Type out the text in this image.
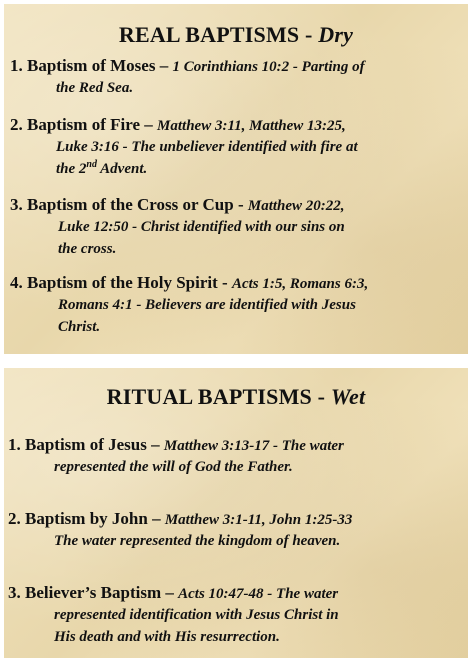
REAL BAPTISMS - Dry
1. Baptism of Moses – 1 Corinthians 10:2 - Parting of
the Red Sea.
2. Baptism of Fire – Matthew 3:11, Matthew 13:25,
Luke 3:16 - The unbeliever identified with fire at
the 2nd Advent.
3. Baptism of the Cross or Cup - Matthew 20:22,
Luke 12:50 - Christ identified with our sins on
the cross.
4. Baptism of the Holy Spirit - Acts 1:5, Romans 6:3,
Romans 4:1 - Believers are identified with Jesus
Christ.
RITUAL BAPTISMS - Wet
1. Baptism of Jesus – Matthew 3:13-17 - The water
represented the will of God the Father.
2. Baptism by John – Matthew 3:1-11, John 1:25-33
The water represented the kingdom of heaven.
3. Believer’s Baptism – Acts 10:47-48 - The water
represented identification with Jesus Christ in
His death and with His resurrection.
